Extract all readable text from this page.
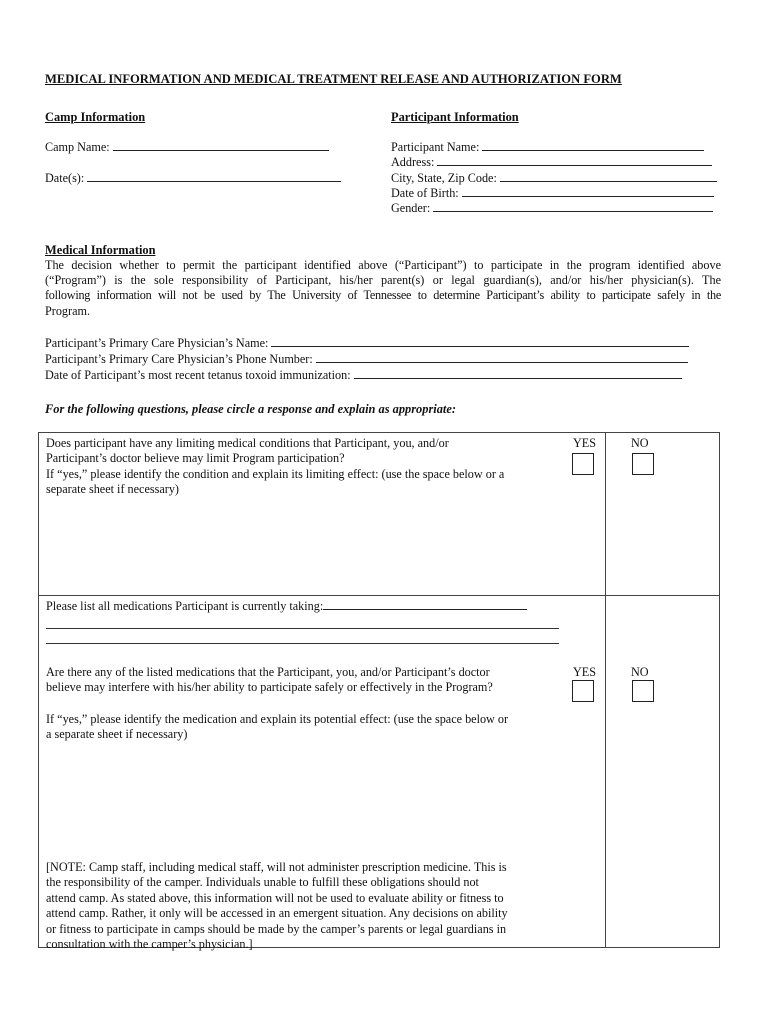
MEDICAL INFORMATION AND MEDICAL TREATMENT RELEASE AND AUTHORIZATION FORM
Camp Information
Camp Name:
Date(s):
Participant Information
Participant Name:
Address:
City, State, Zip Code:
Date of Birth:
Gender:
Medical Information
The decision whether to permit the participant identified above (“Participant”) to participate in the program identified above
(“Program”) is the sole responsibility of Participant, his/her parent(s) or legal guardian(s), and/or his/her physician(s). The
following information will not be used by The University of Tennessee to determine Participant’s ability to participate safely in the
Program.
Participant’s Primary Care Physician’s Name:
Participant’s Primary Care Physician’s Phone Number:
Date of Participant’s most recent tetanus toxoid immunization:
For the following questions, please circle a response and explain as appropriate:
Does participant have any limiting medical conditions that Participant, you, and/or
Participant’s doctor believe may limit Program participation?
If “yes,” please identify the condition and explain its limiting effect: (use the space below or a
separate sheet if necessary)
YES	NO
Please list all medications Participant is currently taking:
Are there any of the listed medications that the Participant, you, and/or Participant’s doctor
believe may interfere with his/her ability to participate safely or effectively in the Program?
YES	NO
If “yes,” please identify the medication and explain its potential effect: (use the space below or
a separate sheet if necessary)
[NOTE: Camp staff, including medical staff, will not administer prescription medicine. This is
the responsibility of the camper. Individuals unable to fulfill these obligations should not
attend camp. As stated above, this information will not be used to evaluate ability or fitness to
attend camp. Rather, it only will be accessed in an emergent situation. Any decisions on ability
or fitness to participate in camps should be made by the camper’s parents or legal guardians in
consultation with the camper’s physician.]
